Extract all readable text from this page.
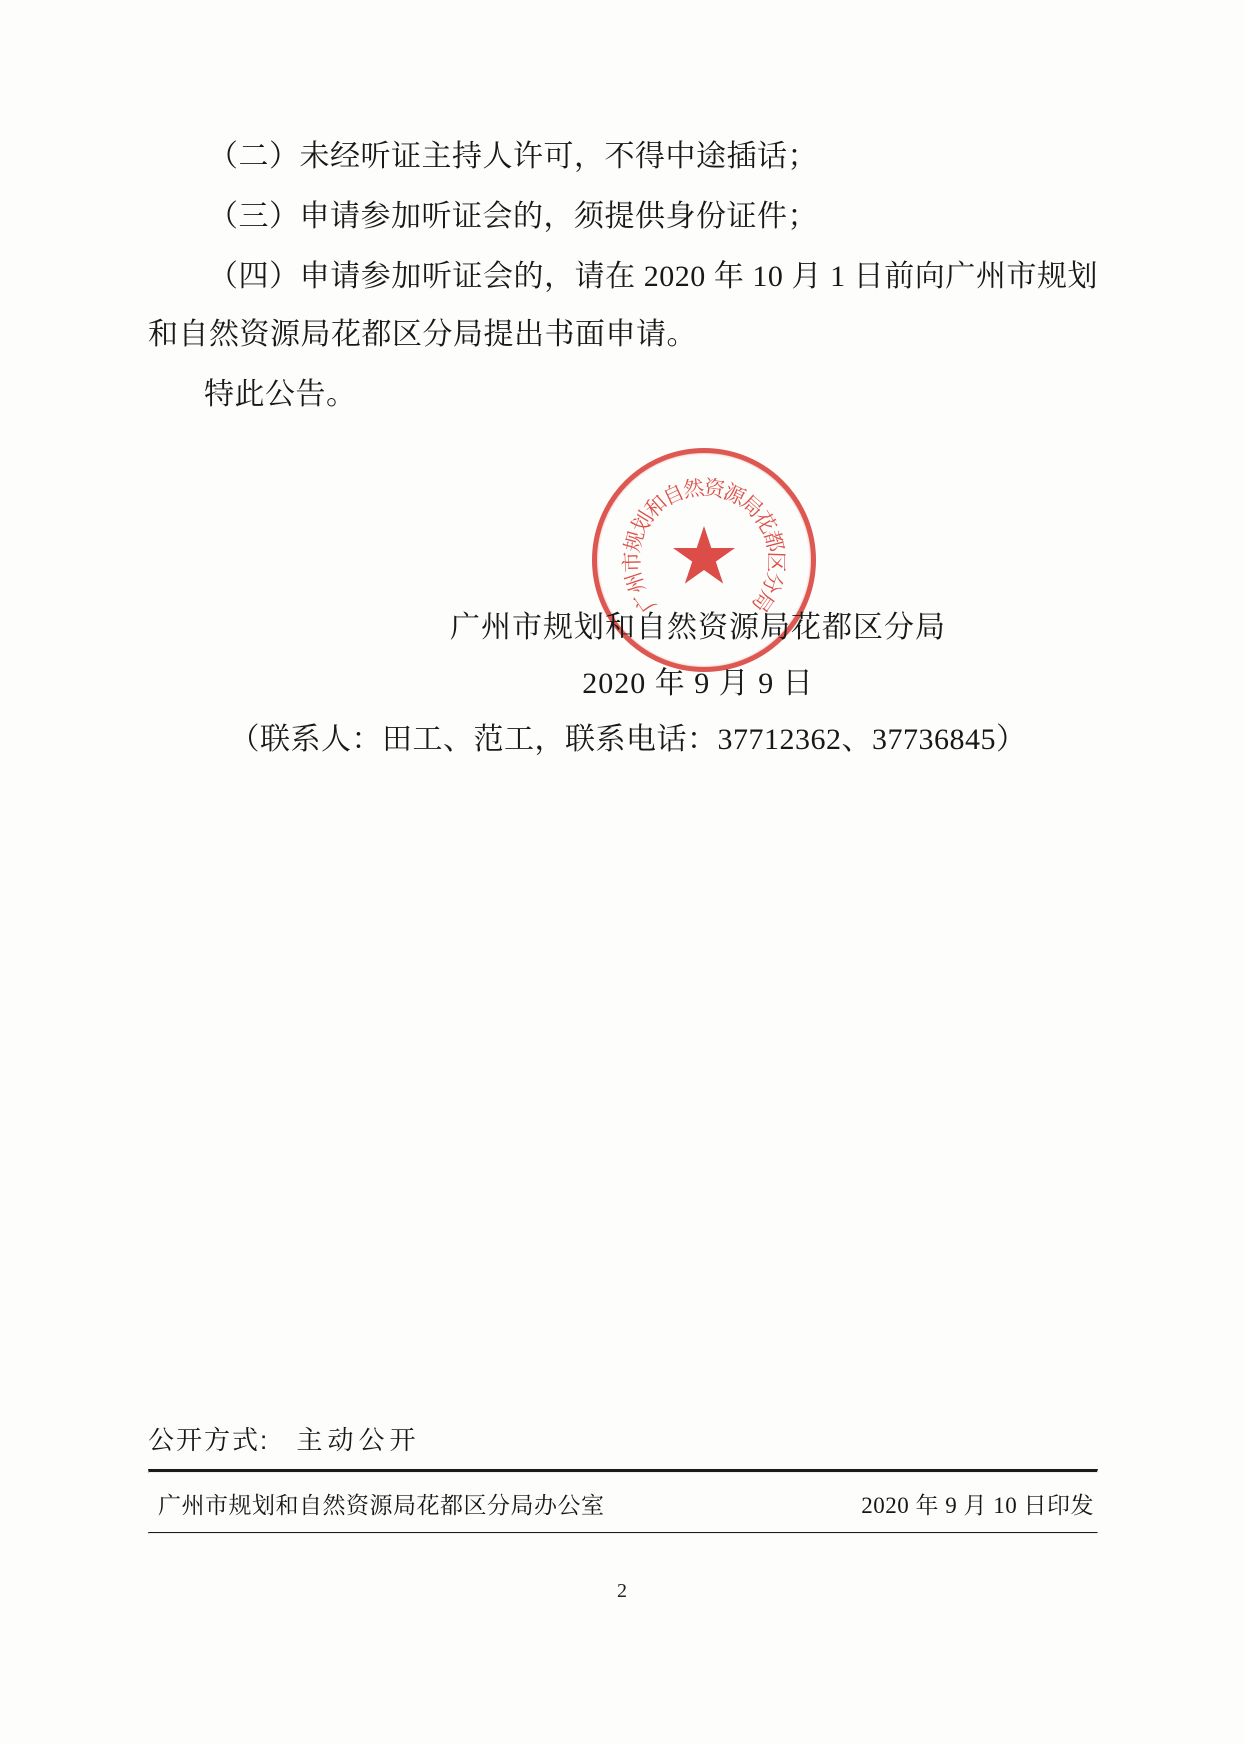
（二）未经听证主持人许可，不得中途插话；

（三）申请参加听证会的，须提供身份证件；

（四）申请参加听证会的，请在 2020 年 10 月 1 日前向广州市规划和自然资源局花都区分局提出书面申请。

特此公告。

广
州
市
规
划
和
自
然
资
源
局
花
都
区
分
局
广州市规划和自然资源局花都区分局
2020 年 9 月 9 日
（联系人：田工、范工，联系电话：37712362、37736845）
公开方式: 主动公开
广州市规划和自然资源局花都区分局办公室	2020 年 9 月 10 日印发
2
